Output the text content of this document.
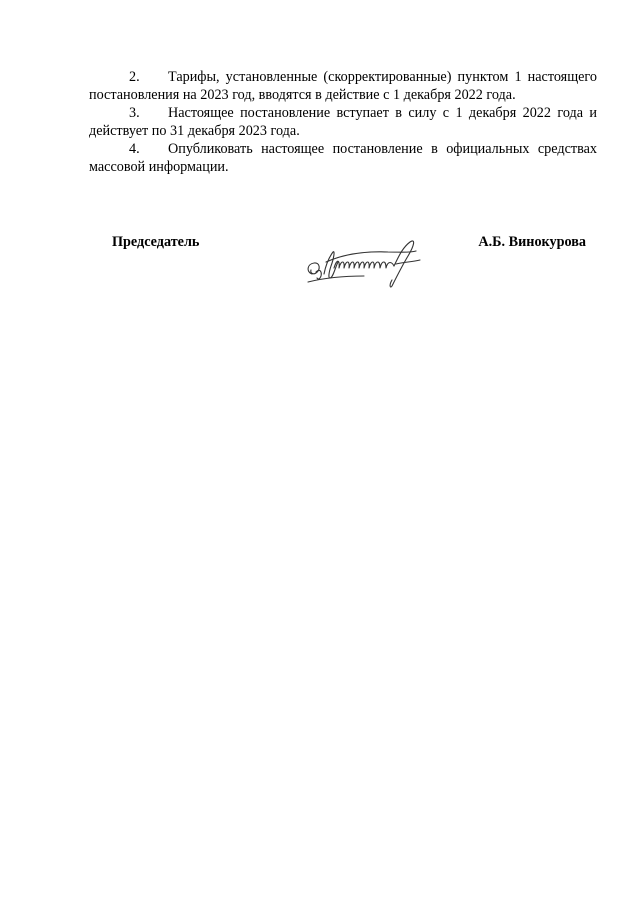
2. Тарифы, установленные (скорректированные) пунктом 1 настоящего постановления на 2023 год, вводятся в действие с 1 декабря 2022 года.

3. Настоящее постановление вступает в силу с 1 декабря 2022 года и действует по 31 декабря 2023 года.

4. Опубликовать настоящее постановление в официальных средствах массовой информации.

Председатель	А.Б. Винокурова
